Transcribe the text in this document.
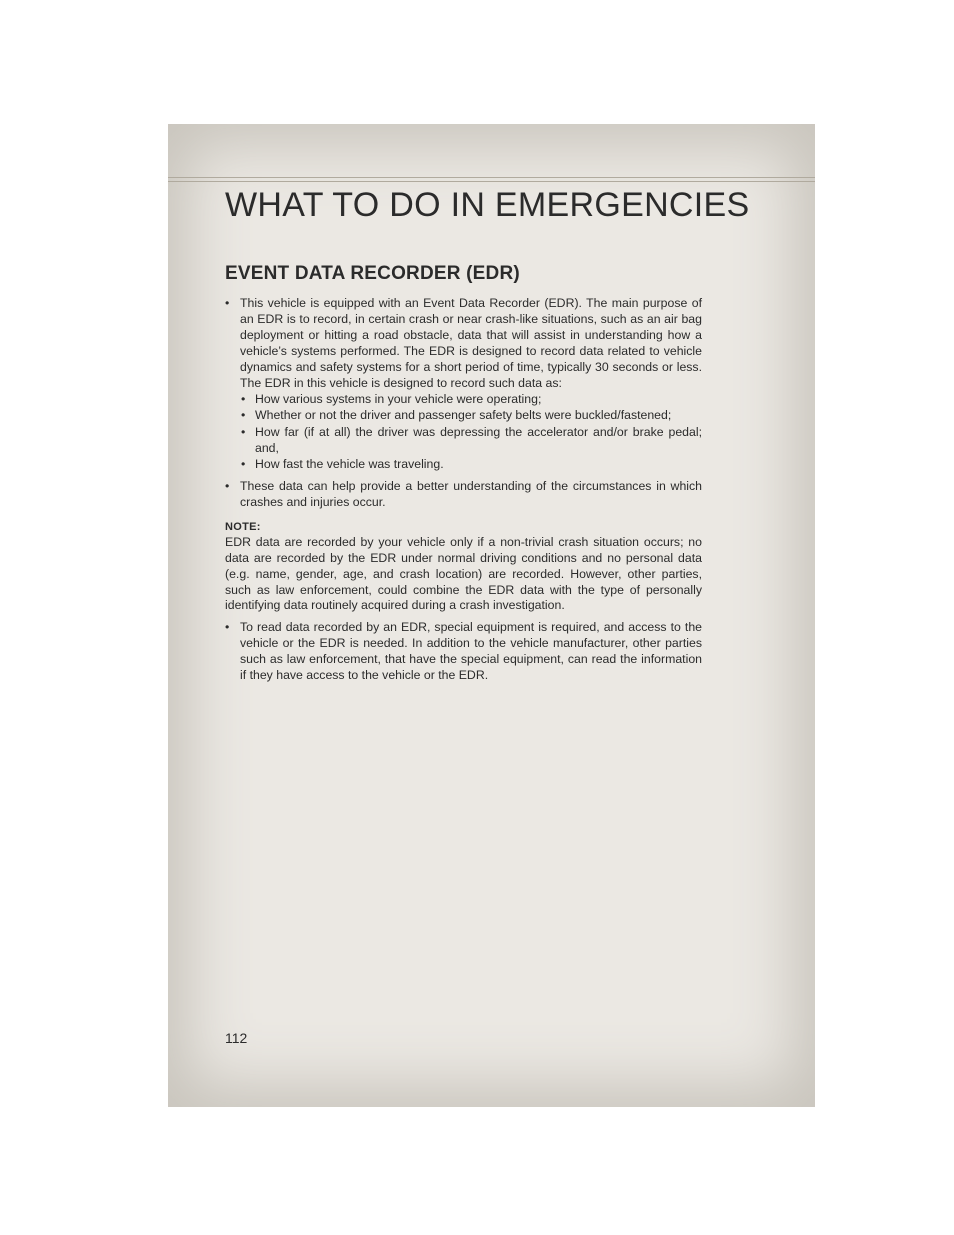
WHAT TO DO IN EMERGENCIES
EVENT DATA RECORDER (EDR)
• This vehicle is equipped with an Event Data Recorder (EDR). The main purpose of an EDR is to record, in certain crash or near crash-like situations, such as an air bag deployment or hitting a road obstacle, data that will assist in understanding how a vehicle’s systems performed. The EDR is designed to record data related to vehicle dynamics and safety systems for a short period of time, typically 30 seconds or less. The EDR in this vehicle is designed to record such data as:
• How various systems in your vehicle were operating;
• Whether or not the driver and passenger safety belts were buckled/fastened;
• How far (if at all) the driver was depressing the accelerator and/or brake pedal; and,
• How fast the vehicle was traveling.
• These data can help provide a better understanding of the circumstances in which crashes and injuries occur.
NOTE:

EDR data are recorded by your vehicle only if a non-trivial crash situation occurs; no data are recorded by the EDR under normal driving conditions and no personal data (e.g. name, gender, age, and crash location) are recorded. However, other parties, such as law enforcement, could combine the EDR data with the type of personally identifying data routinely acquired during a crash investigation.

• To read data recorded by an EDR, special equipment is required, and access to the vehicle or the EDR is needed. In addition to the vehicle manufacturer, other parties such as law enforcement, that have the special equipment, can read the information if they have access to the vehicle or the EDR.
112
